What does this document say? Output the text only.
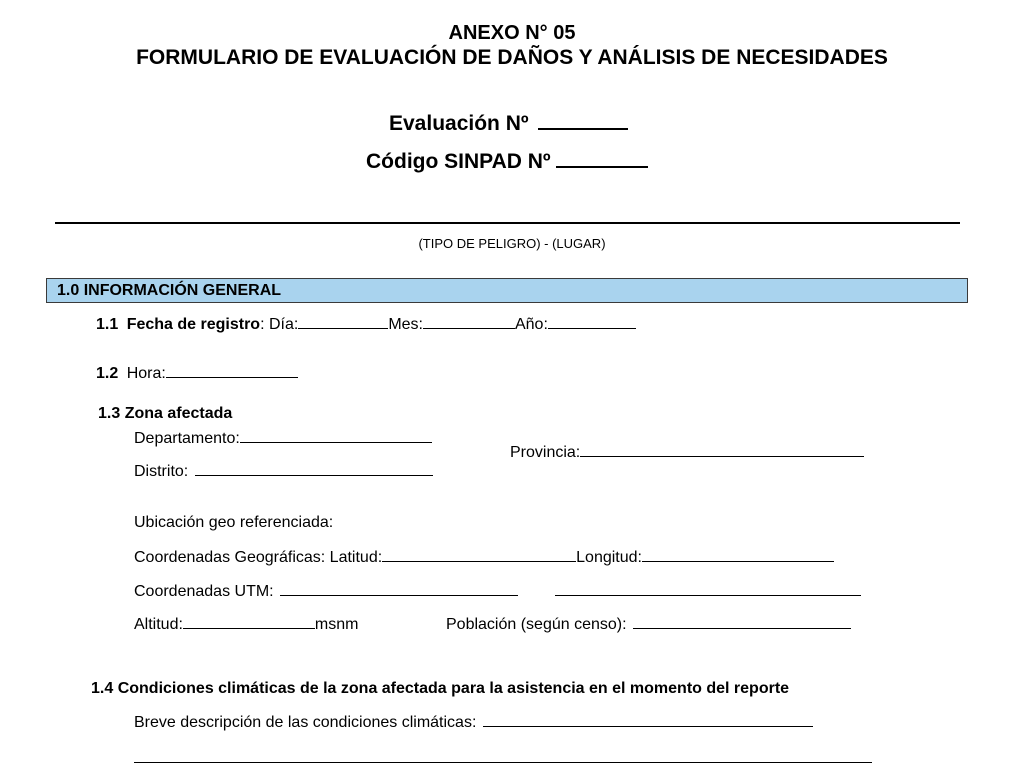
ANEXO N° 05
FORMULARIO DE EVALUACIÓN DE DAÑOS Y ANÁLISIS DE NECESIDADES
Evaluación Nº
Código SINPAD Nº
(TIPO DE PELIGRO) - (LUGAR)
1.0 INFORMACIÓN GENERAL
1.1 Fecha de registro: Día:	Mes:	Año:
1.2 Hora:
1.3 Zona afectada
Departamento:
Provincia:
Distrito:
Ubicación geo referenciada:
Coordenadas Geográficas: Latitud:	Longitud:
Coordenadas UTM:
Altitud:	msnm	Población (según censo):
1.4 Condiciones climáticas de la zona afectada para la asistencia en el momento del reporte
Breve descripción de las condiciones climáticas:
